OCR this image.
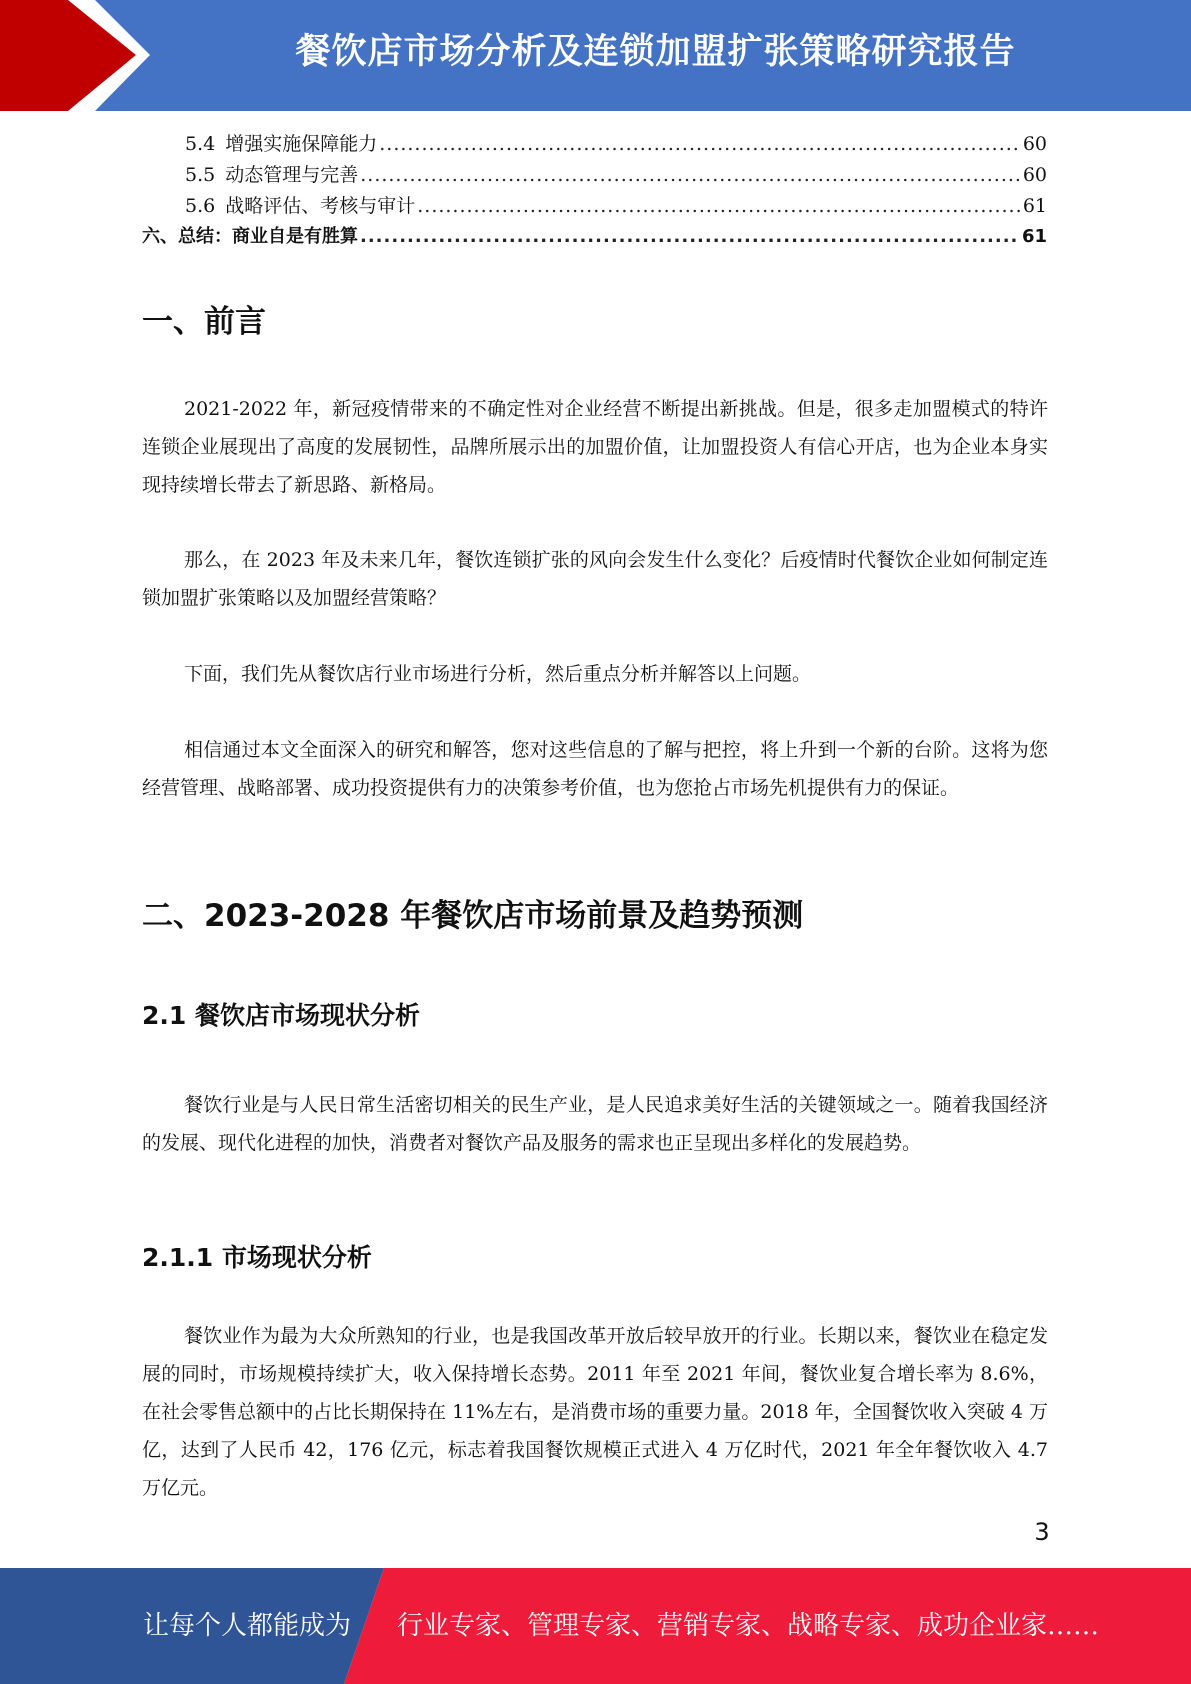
餐饮店市场分析及连锁加盟扩张策略研究报告
5.4 增强实施保障能力 .....	60
5.5 动态管理与完善 .....	60
5.6 战略评估、考核与审计 .....	61
六、总结：商业自是有胜算 .....	61
一、前言

2021-2022 年，新冠疫情带来的不确定性对企业经营不断提出新挑战。但是，很多走加盟模式的特许连锁企业展现出了高度的发展韧性，品牌所展示出的加盟价值，让加盟投资人有信心开店，也为企业本身实现持续增长带去了新思路、新格局。

那么，在 2023 年及未来几年，餐饮连锁扩张的风向会发生什么变化？后疫情时代餐饮企业如何制定连锁加盟扩张策略以及加盟经营策略？

下面，我们先从餐饮店行业市场进行分析，然后重点分析并解答以上问题。

相信通过本文全面深入的研究和解答，您对这些信息的了解与把控，将上升到一个新的台阶。这将为您经营管理、战略部署、成功投资提供有力的决策参考价值，也为您抢占市场先机提供有力的保证。

二、2023-2028 年餐饮店市场前景及趋势预测
2.1 餐饮店市场现状分析

餐饮行业是与人民日常生活密切相关的民生产业，是人民追求美好生活的关键领域之一。随着我国经济的发展、现代化进程的加快，消费者对餐饮产品及服务的需求也正呈现出多样化的发展趋势。

2.1.1 市场现状分析

餐饮业作为最为大众所熟知的行业，也是我国改革开放后较早放开的行业。长期以来，餐饮业在稳定发展的同时，市场规模持续扩大，收入保持增长态势。2011 年至 2021 年间，餐饮业复合增长率为 8.6%，在社会零售总额中的占比长期保持在 11%左右，是消费市场的重要力量。2018 年，全国餐饮收入突破 4 万亿，达到了人民币 42，176 亿元，标志着我国餐饮规模正式进入 4 万亿时代，2021 年全年餐饮收入 4.7 万亿元。

3
让每个人都能成为 行业专家、管理专家、营销专家、战略专家、成功企业家……
